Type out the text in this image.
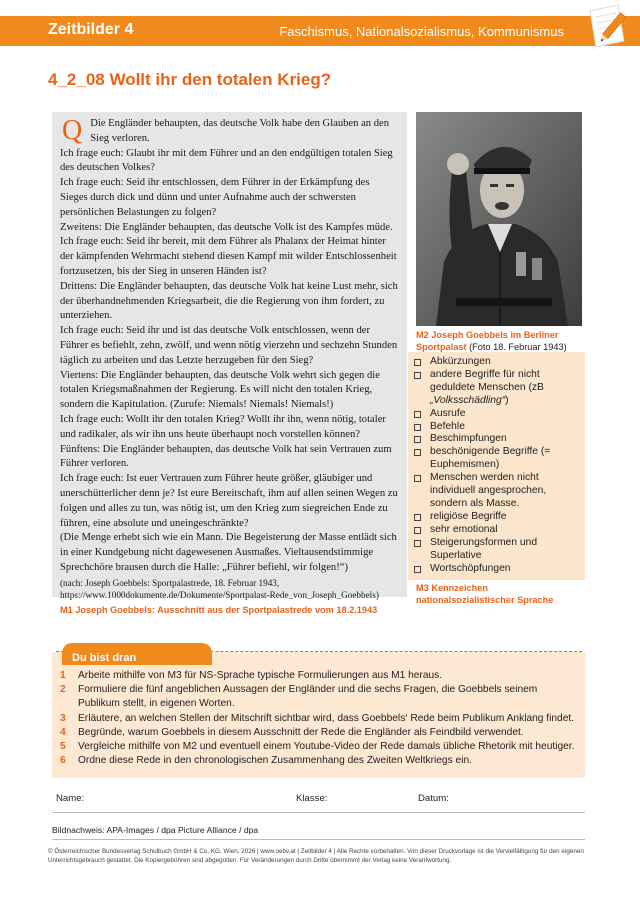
Zeitbilder 4	Faschismus, Nationalsozialismus, Kommunismus
4_2_08 Wollt ihr den totalen Krieg?
Q Die Engländer behaupten, das deutsche Volk habe den Glauben an den Sieg verloren.

Ich frage euch: Glaubt ihr mit dem Führer und an den endgültigen totalen Sieg des deutschen Volkes?

Ich frage euch: Seid ihr entschlossen, dem Führer in der Erkämpfung des Sieges durch dick und dünn und unter Aufnahme auch der schwersten persönlichen Belastungen zu folgen?

Zweitens: Die Engländer behaupten, das deutsche Volk ist des Kampfes müde.

Ich frage euch: Seid ihr bereit, mit dem Führer als Phalanx der Heimat hinter der kämpfenden Wehrmacht stehend diesen Kampf mit wilder Entschlossenheit fortzusetzen, bis der Sieg in unseren Händen ist?

Drittens: Die Engländer behaupten, das deutsche Volk hat keine Lust mehr, sich der überhandnehmenden Kriegsarbeit, die die Regierung von ihm fordert, zu unterziehen.

Ich frage euch: Seid ihr und ist das deutsche Volk entschlossen, wenn der Führer es befiehlt, zehn, zwölf, und wenn nötig vierzehn und sechzehn Stunden täglich zu arbeiten und das Letzte herzugeben für den Sieg?

Viertens: Die Engländer behaupten, das deutsche Volk wehrt sich gegen die totalen Kriegsmaßnahmen der Regierung. Es will nicht den totalen Krieg, sondern die Kapitulation. (Zurufe: Niemals! Niemals! Niemals!)

Ich frage euch: Wollt ihr den totalen Krieg? Wollt ihr ihn, wenn nötig, totaler und radikaler, als wir ihn uns heute überhaupt noch vorstellen können?

Fünftens: Die Engländer behaupten, das deutsche Volk hat sein Vertrauen zum Führer verloren.

Ich frage euch: Ist euer Vertrauen zum Führer heute größer, gläubiger und unerschütterlicher denn je? Ist eure Bereitschaft, ihm auf allen seinen Wegen zu folgen und alles zu tun, was nötig ist, um den Krieg zum siegreichen Ende zu führen, eine absolute und uneingeschränkte?

(Die Menge erhebt sich wie ein Mann. Die Begeisterung der Masse entlädt sich in einer Kundgebung nicht dagewesenen Ausmaßes. Vieltausendstimmige Sprechchöre brausen durch die Halle: „Führer befiehl, wir folgen!“)

(nach: Joseph Goebbels: Sportpalastrede, 18. Februar 1943, https://www.1000dokumente.de/Dokumente/Sportpalast-Rede_von_Joseph_Goebbels)

M1 Joseph Goebbels: Ausschnitt aus der Sportpalastrede vom 18.2.1943
M2 Joseph Goebbels im Berliner Sportpalast (Foto 18. Februar 1943)
Abkürzungen
andere Begriffe für nicht geduldete Menschen (zB „Volksschädling“)
Ausrufe
Befehle
Beschimpfungen
beschönigende Begriffe (= Euphemismen)
Menschen werden nicht individuell angesprochen, sondern als Masse.
religiöse Begriffe
sehr emotional
Steigerungsformen und Superlative
Wortschöpfungen
M3 Kennzeichen
nationalsozialistischer Sprache
1 Arbeite mithilfe von M3 für NS-Sprache typische Formulierungen aus M1 heraus.
2 Formuliere die fünf angeblichen Aussagen der Engländer und die sechs Fragen, die Goebbels seinem Publikum stellt, in eigenen Worten.
3 Erläutere, an welchen Stellen der Mitschrift sichtbar wird, dass Goebbels‘ Rede beim Publikum Anklang findet.
4 Begründe, warum Goebbels in diesem Ausschnitt der Rede die Engländer als Feindbild verwendet.
5 Vergleiche mithilfe von M2 und eventuell einem Youtube-Video der Rede damals übliche Rhetorik mit heutiger.
6 Ordne diese Rede in den chronologischen Zusammenhang des Zweiten Weltkriegs ein.
Du bist dran
Name:	Klasse:	Datum:
Bildnachweis: APA-Images / dpa Picture Alliance / dpa
© Österreichischer Bundesverlag Schulbuch GmbH & Co. KG, Wien, 2026 | www.oebv.at | Zeitbilder 4 | Alle Rechte vorbehalten. Von dieser Druckvorlage ist die Vervielfältigung für den eigenen Unterrichtsgebrauch gestattet. Die Kopiergebühren sind abgegolten. Für Veränderungen durch Dritte übernimmt der Verlag keine Verantwortung.
